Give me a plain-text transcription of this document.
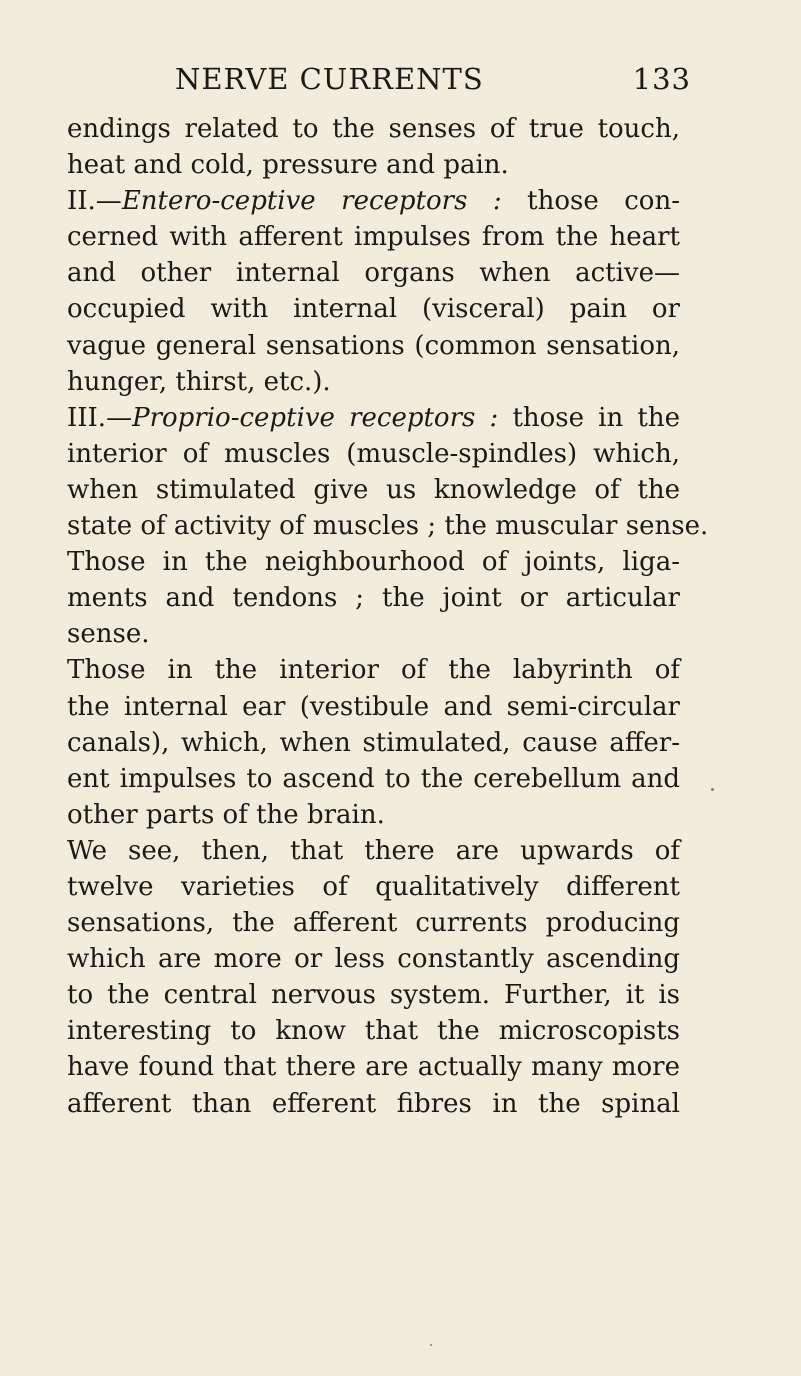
NERVE CURRENTS	133
endings related to the senses of true touch,
heat and cold, pressure and pain.
II.—Entero-ceptive receptors : those con-
cerned with afferent impulses from the heart
and other internal organs when active—
occupied with internal (visceral) pain or
vague general sensations (common sensation,
hunger, thirst, etc.).
III.—Proprio-ceptive receptors : those in the
interior of muscles (muscle-spindles) which,
when stimulated give us knowledge of the
state of activity of muscles ; the muscular sense.
Those in the neighbourhood of joints, liga-
ments and tendons ; the joint or articular
sense.
Those in the interior of the labyrinth of
the internal ear (vestibule and semi-circular
canals), which, when stimulated, cause affer-
ent impulses to ascend to the cerebellum and
other parts of the brain.
We see, then, that there are upwards of
twelve varieties of qualitatively different
sensations, the afferent currents producing
which are more or less constantly ascending
to the central nervous system. Further, it is
interesting to know that the microscopists
have found that there are actually many more
afferent than efferent fibres in the spinal
